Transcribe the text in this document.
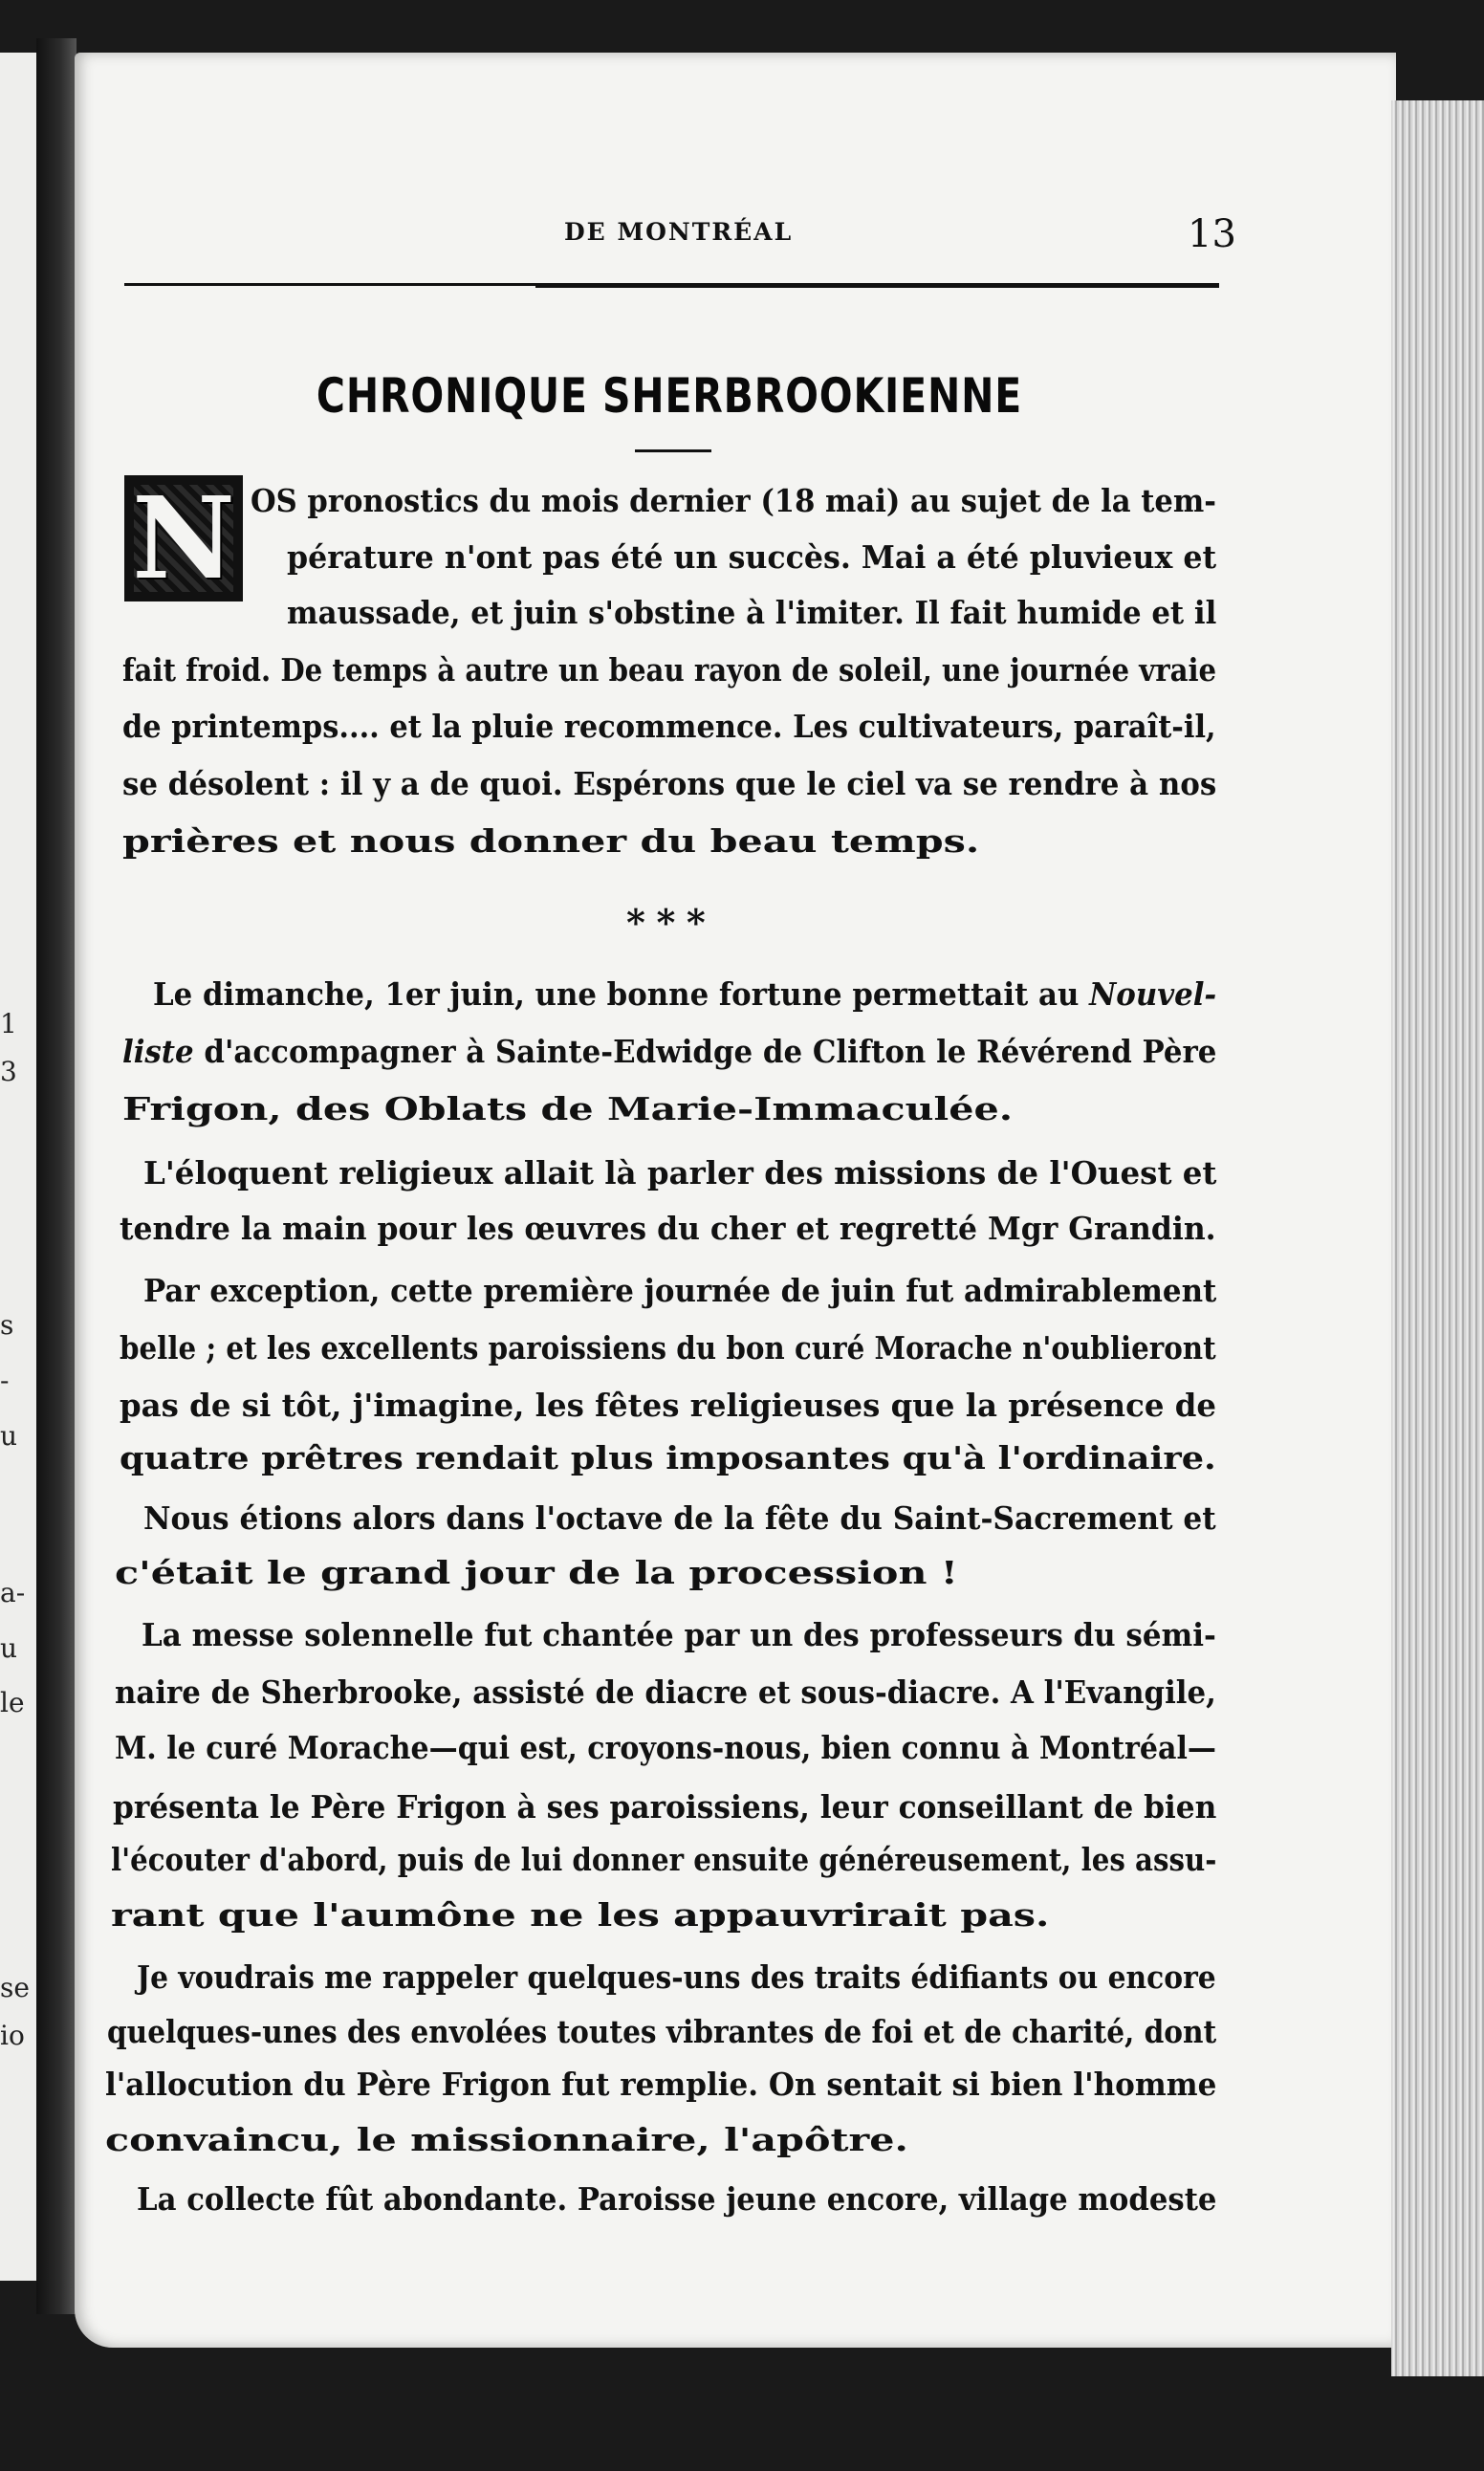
1
3
s
-
u
a-
u
le
se
io
DE MONTRÉAL	13
CHRONIQUE SHERBROOKIENNE
N OS pronostics du mois dernier (18 mai) au sujet de la tem-
pérature n'ont pas été un succès. Mai a été pluvieux et
maussade, et juin s'obstine à l'imiter. Il fait humide et il
fait froid. De temps à autre un beau rayon de soleil, une journée vraie
de printemps.... et la pluie recommence. Les cultivateurs, paraît-il,
se désolent : il y a de quoi. Espérons que le ciel va se rendre à nos
prières et nous donner du beau temps.
* * *
Le dimanche, 1er juin, une bonne fortune permettait au Nouvel-
liste d'accompagner à Sainte-Edwidge de Clifton le Révérend Père
Frigon, des Oblats de Marie-Immaculée.
L'éloquent religieux allait là parler des missions de l'Ouest et
tendre la main pour les œuvres du cher et regretté Mgr Grandin.
Par exception, cette première journée de juin fut admirablement
belle ; et les excellents paroissiens du bon curé Morache n'oublieront
pas de si tôt, j'imagine, les fêtes religieuses que la présence de
quatre prêtres rendait plus imposantes qu'à l'ordinaire.
Nous étions alors dans l'octave de la fête du Saint-Sacrement et
c'était le grand jour de la procession !
La messe solennelle fut chantée par un des professeurs du sémi-
naire de Sherbrooke, assisté de diacre et sous-diacre. A l'Evangile,
M. le curé Morache—qui est, croyons-nous, bien connu à Montréal—
présenta le Père Frigon à ses paroissiens, leur conseillant de bien
l'écouter d'abord, puis de lui donner ensuite généreusement, les assu-
rant que l'aumône ne les appauvrirait pas.
Je voudrais me rappeler quelques-uns des traits édifiants ou encore
quelques-unes des envolées toutes vibrantes de foi et de charité, dont
l'allocution du Père Frigon fut remplie. On sentait si bien l'homme
convaincu, le missionnaire, l'apôtre.
La collecte fût abondante. Paroisse jeune encore, village modeste
